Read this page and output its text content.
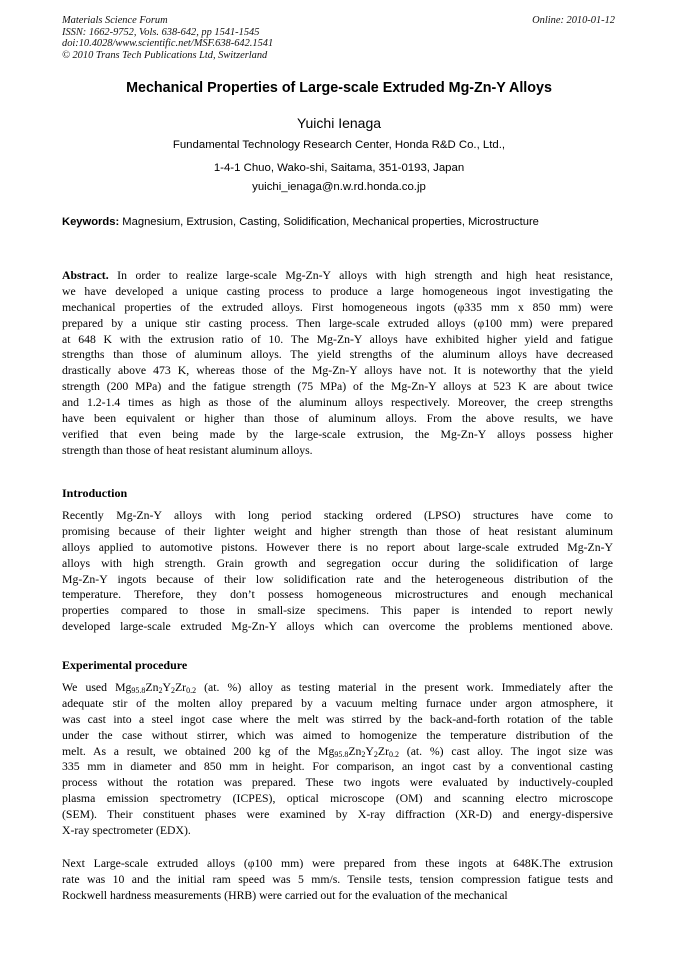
Materials Science Forum
ISSN: 1662-9752, Vols. 638-642, pp 1541-1545
doi:10.4028/www.scientific.net/MSF.638-642.1541
© 2010 Trans Tech Publications Ltd, Switzerland
Online: 2010-01-12
Mechanical Properties of Large-scale Extruded Mg-Zn-Y Alloys
Yuichi Ienaga
Fundamental Technology Research Center, Honda R&D Co., Ltd.,
1-4-1 Chuo, Wako-shi, Saitama, 351-0193, Japan
yuichi_ienaga@n.w.rd.honda.co.jp
Keywords: Magnesium, Extrusion, Casting, Solidification, Mechanical properties, Microstructure
Abstract. In order to realize large-scale Mg-Zn-Y alloys with high strength and high heat resistance,
we have developed a unique casting process to produce a large homogeneous ingot investigating the
mechanical properties of the extruded alloys. First homogeneous ingots (φ335 mm x 850 mm) were
prepared by a unique stir casting process. Then large-scale extruded alloys (φ100 mm) were prepared
at 648 K with the extrusion ratio of 10. The Mg-Zn-Y alloys have exhibited higher yield and fatigue
strengths than those of aluminum alloys. The yield strengths of the aluminum alloys have decreased
drastically above 473 K, whereas those of the Mg-Zn-Y alloys have not. It is noteworthy that the yield
strength (200 MPa) and the fatigue strength (75 MPa) of the Mg-Zn-Y alloys at 523 K are about twice
and 1.2-1.4 times as high as those of the aluminum alloys respectively. Moreover, the creep strengths
have been equivalent or higher than those of aluminum alloys. From the above results, we have
verified that even being made by the large-scale extrusion, the Mg-Zn-Y alloys possess higher
strength than those of heat resistant aluminum alloys.
Introduction
Recently Mg-Zn-Y alloys with long period stacking ordered (LPSO) structures have come to
promising because of their lighter weight and higher strength than those of heat resistant aluminum
alloys applied to automotive pistons. However there is no report about large-scale extruded Mg-Zn-Y
alloys with high strength. Grain growth and segregation occur during the solidification of large
Mg-Zn-Y ingots because of their low solidification rate and the heterogeneous distribution of the
temperature. Therefore, they don’t possess homogeneous microstructures and enough mechanical
properties compared to those in small-size specimens. This paper is intended to report newly
developed large-scale extruded Mg-Zn-Y alloys which can overcome the problems mentioned above.
Experimental procedure
We used $Mg_{95.8}Zn_2Y_2Zr_{0.2}$ (at. %) alloy as testing material in the present work. Immediately after the
adequate stir of the molten alloy prepared by a vacuum melting furnace under argon atmosphere, it
was cast into a steel ingot case where the melt was stirred by the back-and-forth rotation of the table
under the case without stirrer, which was aimed to homogenize the temperature distribution of the
melt. As a result, we obtained 200 kg of the $Mg_{95.8}Zn_2Y_2Zr_{0.2}$ (at. %) cast alloy. The ingot size was
335 mm in diameter and 850 mm in height. For comparison, an ingot cast by a conventional casting
process without the rotation was prepared. These two ingots were evaluated by inductively-coupled
plasma emission spectrometry (ICPES), optical microscope (OM) and scanning electro microscope
(SEM). Their constituent phases were examined by X-ray diffraction (XR-D) and energy-dispersive
X-ray spectrometer (EDX).
Next Large-scale extruded alloys (φ100 mm) were prepared from these ingots at 648K.The extrusion
rate was 10 and the initial ram speed was 5 mm/s. Tensile tests, tension compression fatigue tests and
Rockwell hardness measurements (HRB) were carried out for the evaluation of the mechanical
